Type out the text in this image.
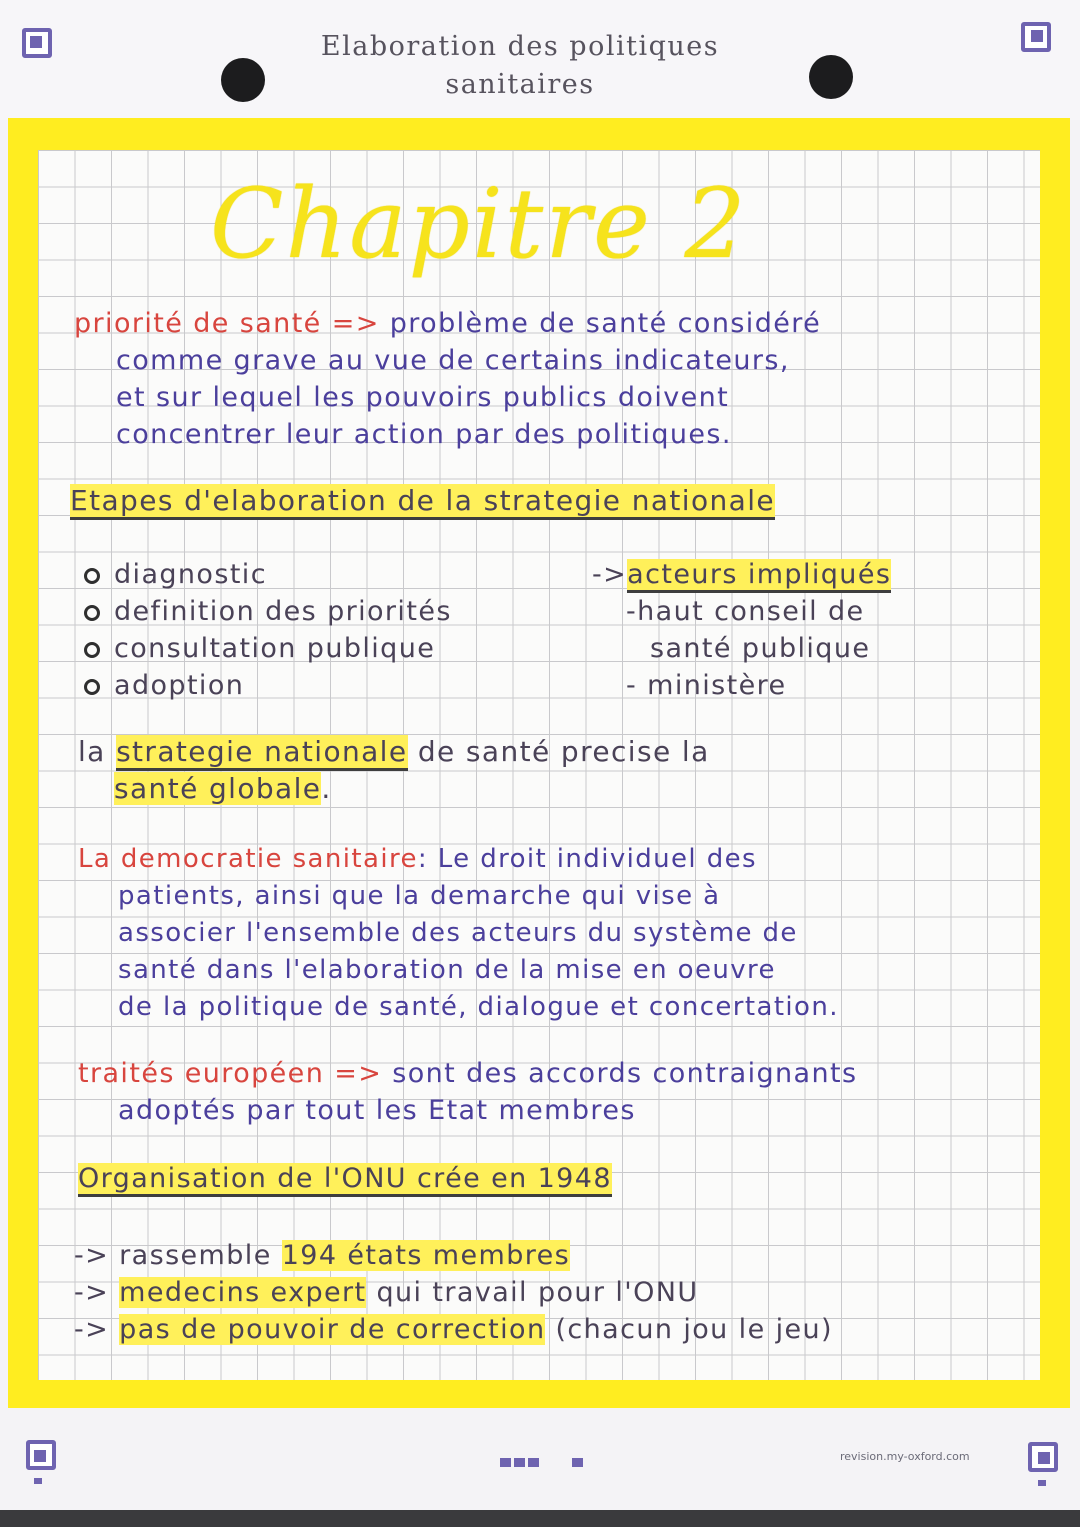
Elaboration des politiques
sanitaires
Chapitre 2
priorité de santé => problème de santé considéré
comme grave au vue de certains indicateurs,
et sur lequel les pouvoirs publics doivent
concentrer leur action par des politiques.
Etapes d'elaboration de la strategie nationale
diagnostic
definition des priorités
consultation publique
adoption
->acteurs impliqués
-haut conseil de
santé publique
- ministère
la strategie nationale de santé precise la
santé globale.
La democratie sanitaire: Le droit individuel des
patients, ainsi que la demarche qui vise à
associer l'ensemble des acteurs du système de
santé dans l'elaboration de la mise en oeuvre
de la politique de santé, dialogue et concertation.
traités européen => sont des accords contraignants
adoptés par tout les Etat membres
Organisation de l'ONU crée en 1948
-> rassemble 194 états membres
-> medecins expert qui travail pour l'ONU
-> pas de pouvoir de correction (chacun jou le jeu)
revision.my-oxford.com
